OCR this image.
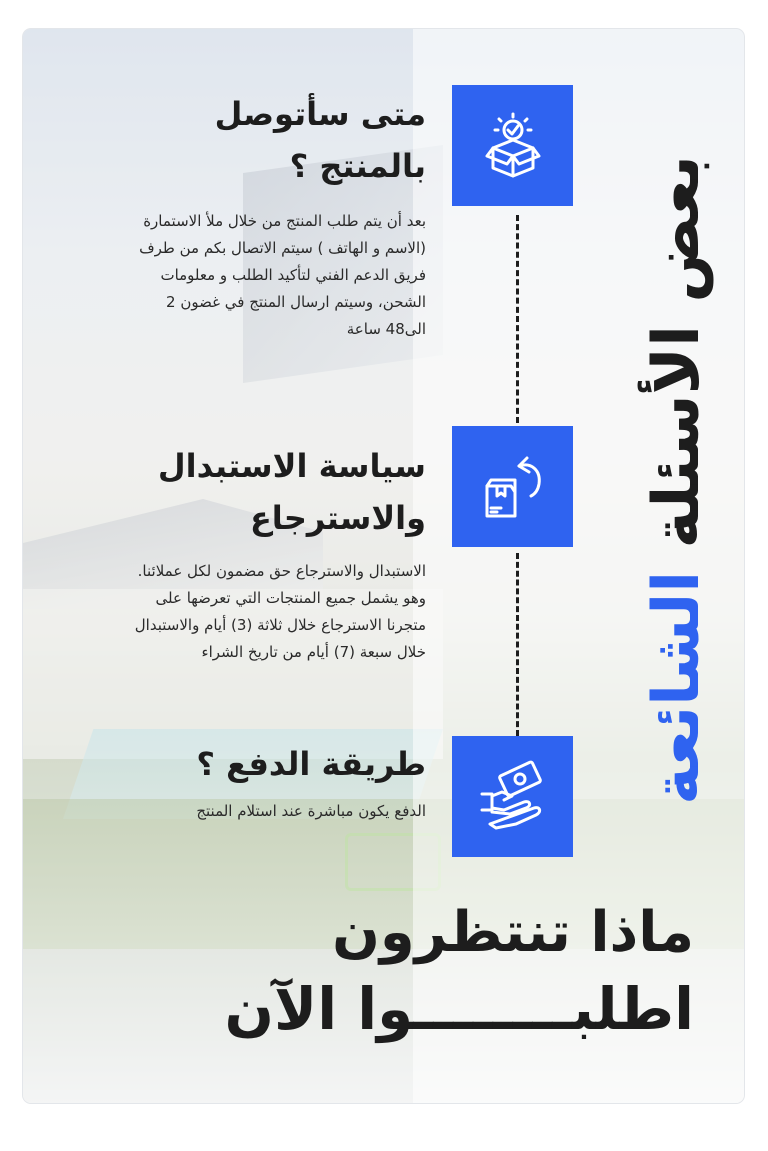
بعض الأسئلة الشائعة

متى سأتوصل

بالمنتج ؟

بعد أن يتم طلب المنتج من خلال ملأ الاستمارة

(الاسم و الهاتف ) سيتم الاتصال بكم من طرف

فريق الدعم الفني لتأكيد الطلب و معلومات

الشحن، وسيتم ارسال المنتج في غضون 2

الى48 ساعة

سياسة الاستبدال

والاسترجاع

الاستبدال والاسترجاع حق مضمون لكل عملائنا.

وهو يشمل جميع المنتجات التي تعرضها على

متجرنا الاسترجاع خلال ثلاثة (3) أيام والاستبدال

خلال سبعة (7) أيام من تاريخ الشراء

طريقة الدفع ؟

الدفع يكون مباشرة عند استلام المنتج

ماذا تنتظرون
اطلبــــــــوا الآن
